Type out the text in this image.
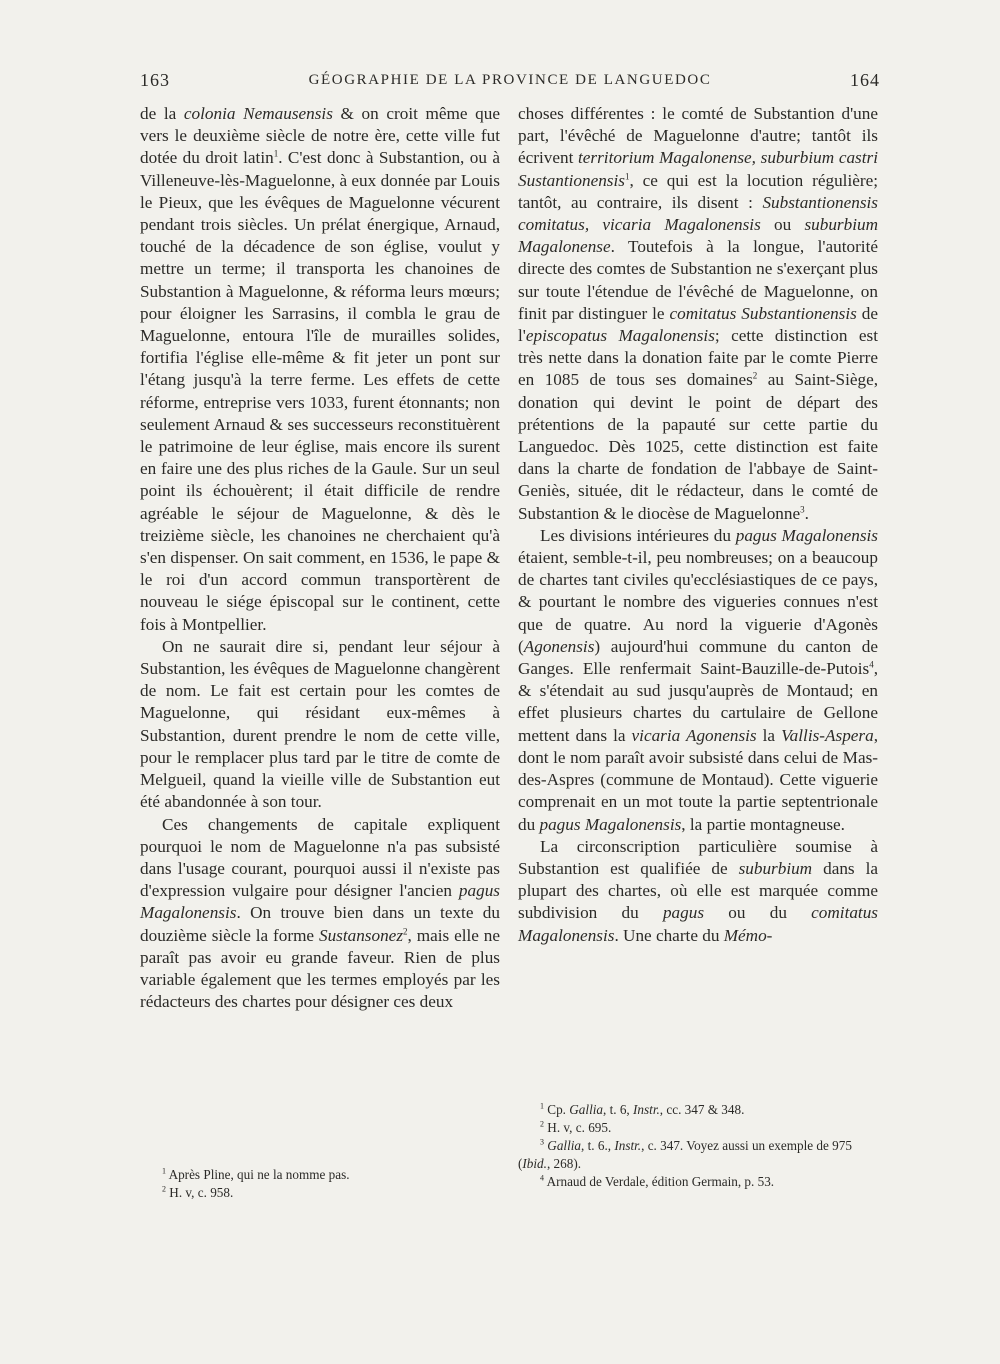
163	GÉOGRAPHIE DE LA PROVINCE DE LANGUEDOC	164

de la colonia Nemausensis & on croit même que vers le deuxième siècle de notre ère, cette ville fut dotée du droit latin$^1$. C'est donc à Substantion, ou à Villeneuve-lès-Maguelonne, à eux donnée par Louis le Pieux, que les évêques de Maguelonne vécurent pendant trois siècles. Un prélat énergique, Arnaud, touché de la décadence de son église, voulut y mettre un terme; il transporta les chanoines de Substantion à Maguelonne, & réforma leurs mœurs; pour éloigner les Sarrasins, il combla le grau de Maguelonne, entoura l'île de murailles solides, fortifia l'église elle-même & fit jeter un pont sur l'étang jusqu'à la terre ferme. Les effets de cette réforme, entreprise vers 1033, furent étonnants; non seulement Arnaud & ses successeurs reconstituèrent le patrimoine de leur église, mais encore ils surent en faire une des plus riches de la Gaule. Sur un seul point ils échouèrent; il était difficile de rendre agréable le séjour de Maguelonne, & dès le treizième siècle, les chanoines ne cherchaient qu'à s'en dispenser. On sait comment, en 1536, le pape & le roi d'un accord commun transportèrent de nouveau le siége épiscopal sur le continent, cette fois à Montpellier.

On ne saurait dire si, pendant leur séjour à Substantion, les évêques de Maguelonne changèrent de nom. Le fait est certain pour les comtes de Maguelonne, qui résidant eux-mêmes à Substantion, durent prendre le nom de cette ville, pour le remplacer plus tard par le titre de comte de Melgueil, quand la vieille ville de Substantion eut été abandonnée à son tour.

Ces changements de capitale expliquent pourquoi le nom de Maguelonne n'a pas subsisté dans l'usage courant, pourquoi aussi il n'existe pas d'expression vulgaire pour désigner l'ancien pagus Magalonensis. On trouve bien dans un texte du douzième siècle la forme Sustansonez$^2$, mais elle ne paraît pas avoir eu grande faveur. Rien de plus variable également que les termes employés par les rédacteurs des chartes pour désigner ces deux

choses différentes : le comté de Substantion d'une part, l'évêché de Maguelonne d'autre; tantôt ils écrivent territorium Magalonense, suburbium castri Sustantionensis$^1$, ce qui est la locution régulière; tantôt, au contraire, ils disent : Substantionensis comitatus, vicaria Magalonensis ou suburbium Magalonense. Toutefois à la longue, l'autorité directe des comtes de Substantion ne s'exerçant plus sur toute l'étendue de l'évêché de Maguelonne, on finit par distinguer le comitatus Substantionensis de l'episcopatus Magalonensis; cette distinction est très nette dans la donation faite par le comte Pierre en 1085 de tous ses domaines$^2$ au Saint-Siège, donation qui devint le point de départ des prétentions de la papauté sur cette partie du Languedoc. Dès 1025, cette distinction est faite dans la charte de fondation de l'abbaye de Saint-Geniès, située, dit le rédacteur, dans le comté de Substantion & le diocèse de Maguelonne$^3$.

Les divisions intérieures du pagus Magalonensis étaient, semble-t-il, peu nombreuses; on a beaucoup de chartes tant civiles qu'ecclésiastiques de ce pays, & pourtant le nombre des vigueries connues n'est que de quatre. Au nord la viguerie d'Agonès (Agonensis) aujourd'hui commune du canton de Ganges. Elle renfermait Saint-Bauzille-de-Putois$^4$, & s'étendait au sud jusqu'auprès de Montaud; en effet plusieurs chartes du cartulaire de Gellone mettent dans la vicaria Agonensis la Vallis-Aspera, dont le nom paraît avoir subsisté dans celui de Mas-des-Aspres (commune de Montaud). Cette viguerie comprenait en un mot toute la partie septentrionale du pagus Magalonensis, la partie montagneuse.

La circonscription particulière soumise à Substantion est qualifiée de suburbium dans la plupart des chartes, où elle est marquée comme subdivision du pagus ou du comitatus Magalonensis. Une charte du Mémo-

$^1$ Après Pline, qui ne la nomme pas.

$^2$ H. v, c. 958.

$^1$ Cp. Gallia, t. 6, Instr., cc. 347 & 348.

$^2$ H. v, c. 695.

$^3$ Gallia, t. 6., Instr., c. 347. Voyez aussi un exemple de 975 (Ibid., 268).

$^4$ Arnaud de Verdale, édition Germain, p. 53.
